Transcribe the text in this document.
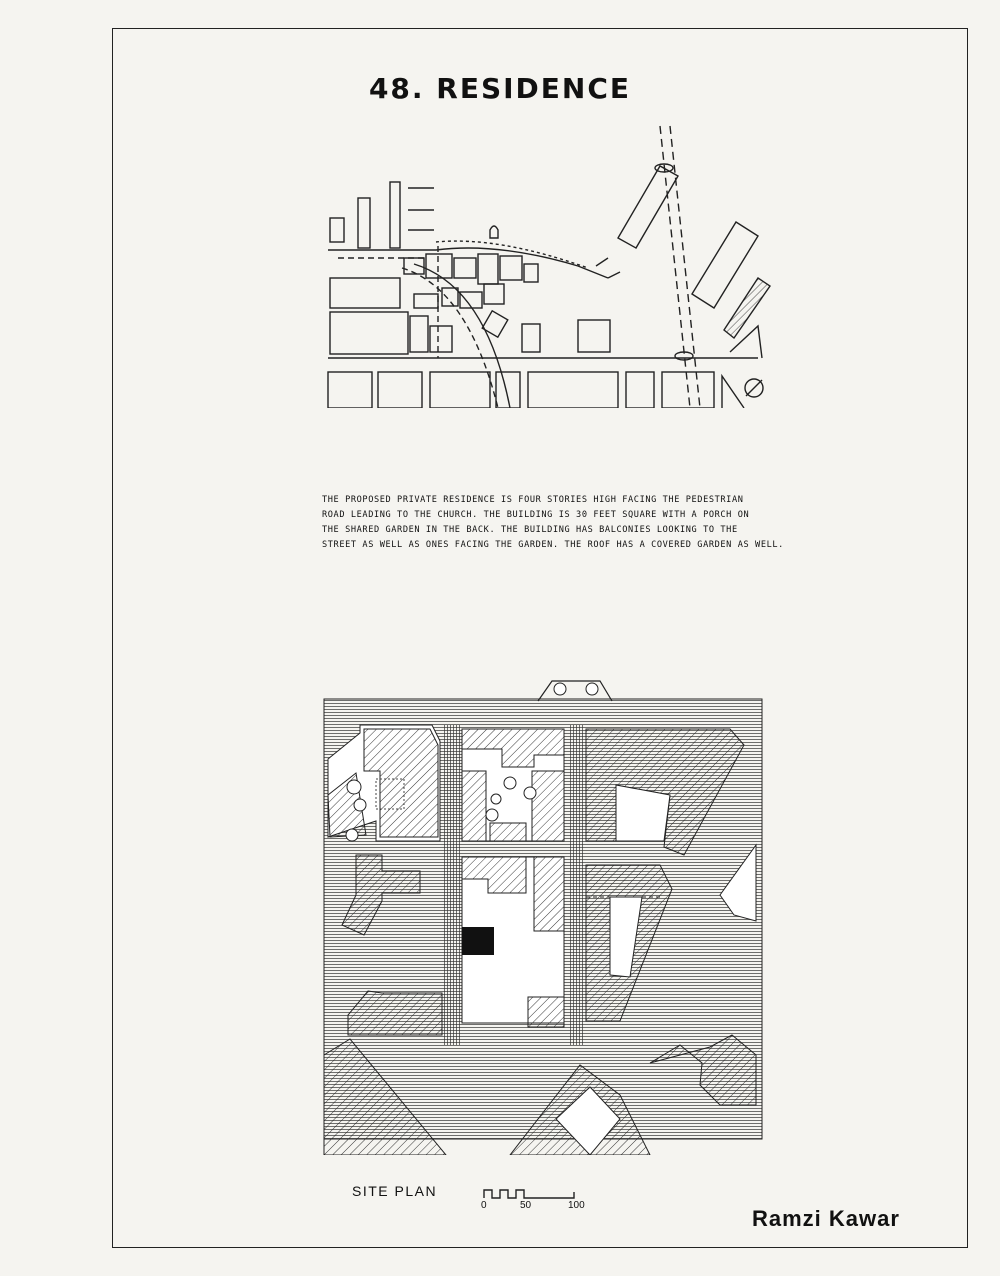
48. RESIDENCE
THE PROPOSED PRIVATE RESIDENCE IS FOUR STORIES HIGH FACING THE PEDESTRIAN
ROAD LEADING TO THE CHURCH. THE BUILDING IS 30 FEET SQUARE WITH A PORCH ON
THE SHARED GARDEN IN THE BACK. THE BUILDING HAS BALCONIES LOOKING TO THE
STREET AS WELL AS ONES FACING THE GARDEN. THE ROOF HAS A COVERED GARDEN AS WELL.
SITE PLAN
0	50	100
Ramzi Kawar
